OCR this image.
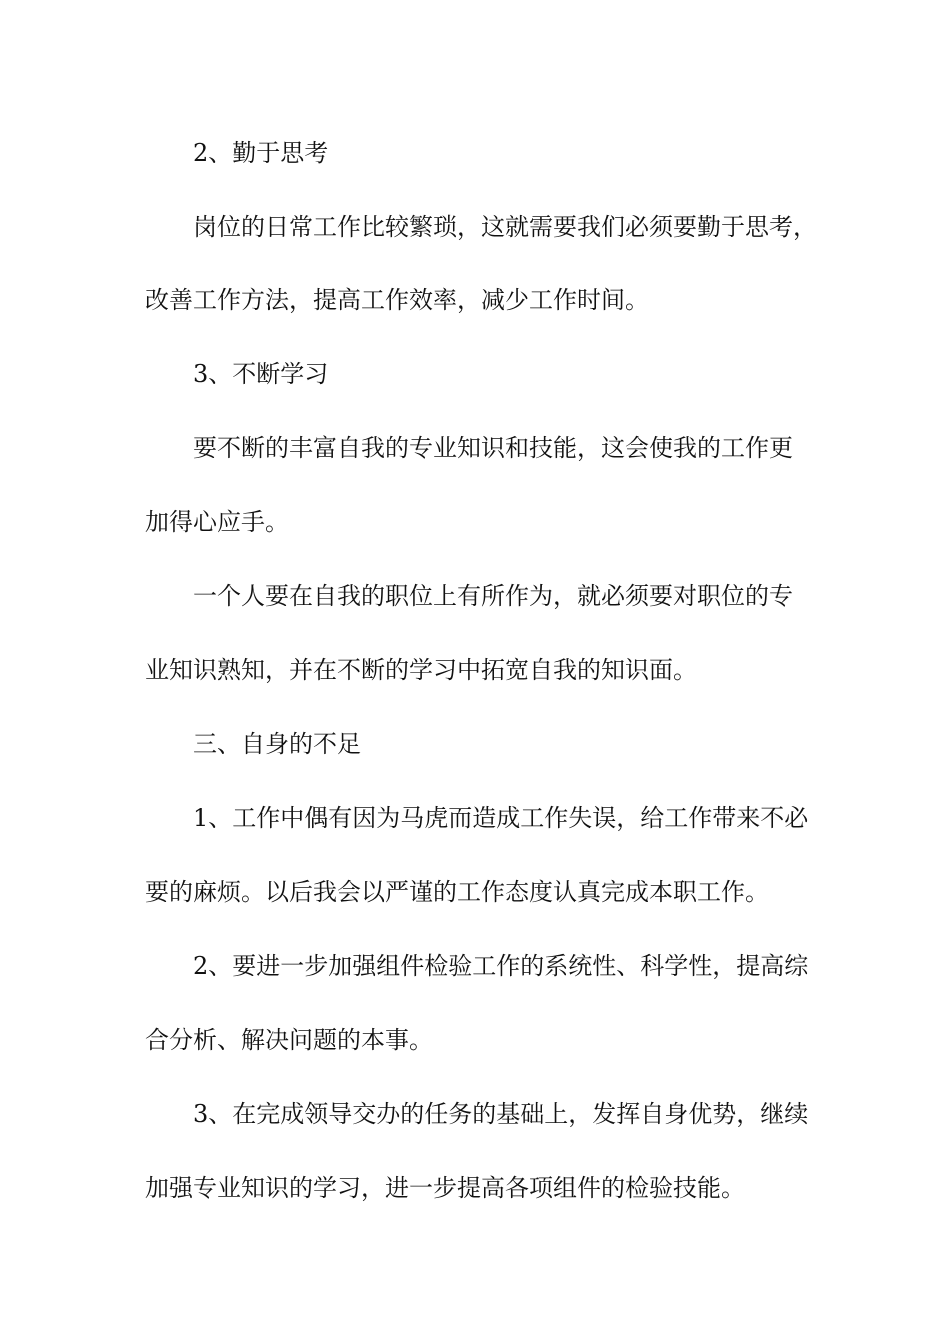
2、勤于思考

岗位的日常工作比较繁琐，这就需要我们必须要勤于思考，

改善工作方法，提高工作效率，减少工作时间。

3、不断学习

要不断的丰富自我的专业知识和技能，这会使我的工作更

加得心应手。

一个人要在自我的职位上有所作为，就必须要对职位的专

业知识熟知，并在不断的学习中拓宽自我的知识面。

三、自身的不足

1、工作中偶有因为马虎而造成工作失误，给工作带来不必

要的麻烦。以后我会以严谨的工作态度认真完成本职工作。

2、要进一步加强组件检验工作的系统性、科学性，提高综

合分析、解决问题的本事。

3、在完成领导交办的任务的基础上，发挥自身优势，继续

加强专业知识的学习，进一步提高各项组件的检验技能。
